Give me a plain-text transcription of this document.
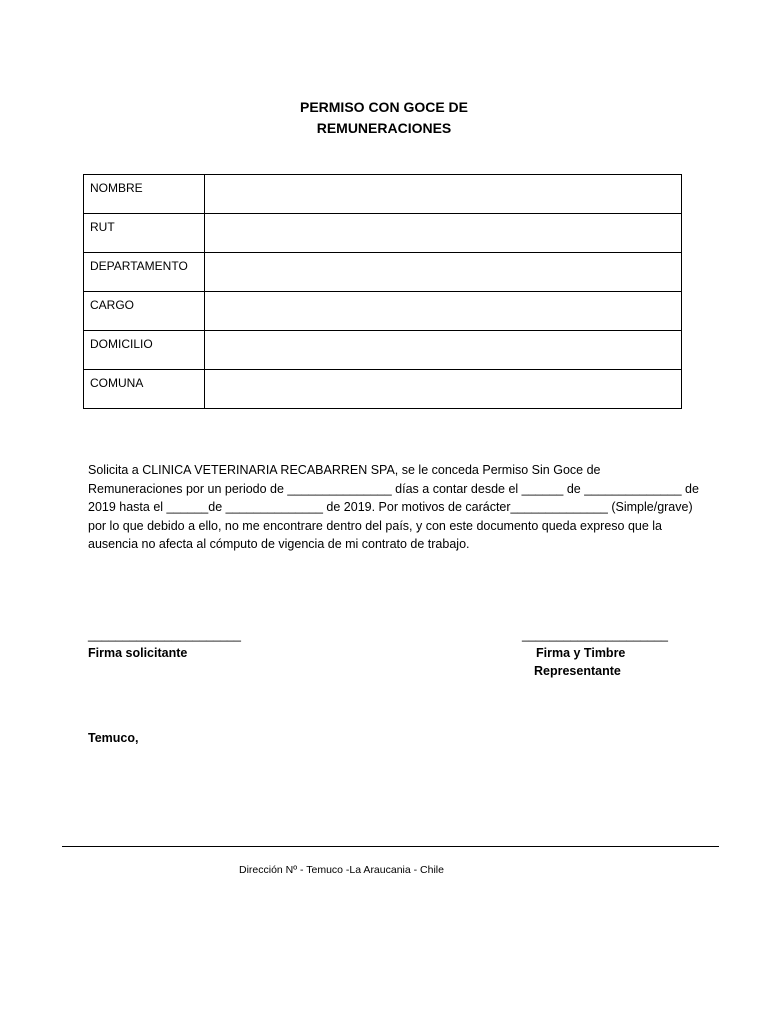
PERMISO CON GOCE DE
REMUNERACIONES
NOMBRE	
RUT	
DEPARTAMENTO	
CARGO	
DOMICILIO	
COMUNA	
Solicita a CLINICA VETERINARIA RECABARREN SPA, se le conceda Permiso Sin Goce de
Remuneraciones por un periodo de _______________ días a contar desde el ______ de ______________ de
2019 hasta el ______de ______________ de 2019. Por motivos de carácter______________ (Simple/grave)
por lo que debido a ello, no me encontrare dentro del país, y con este documento queda expreso que la
ausencia no afecta al cómputo de vigencia de mi contrato de trabajo.
______________________
Firma solicitante
_____________________
Firma y Timbre
Representante
Temuco,
Dirección Nº - Temuco -La Araucania - Chile
